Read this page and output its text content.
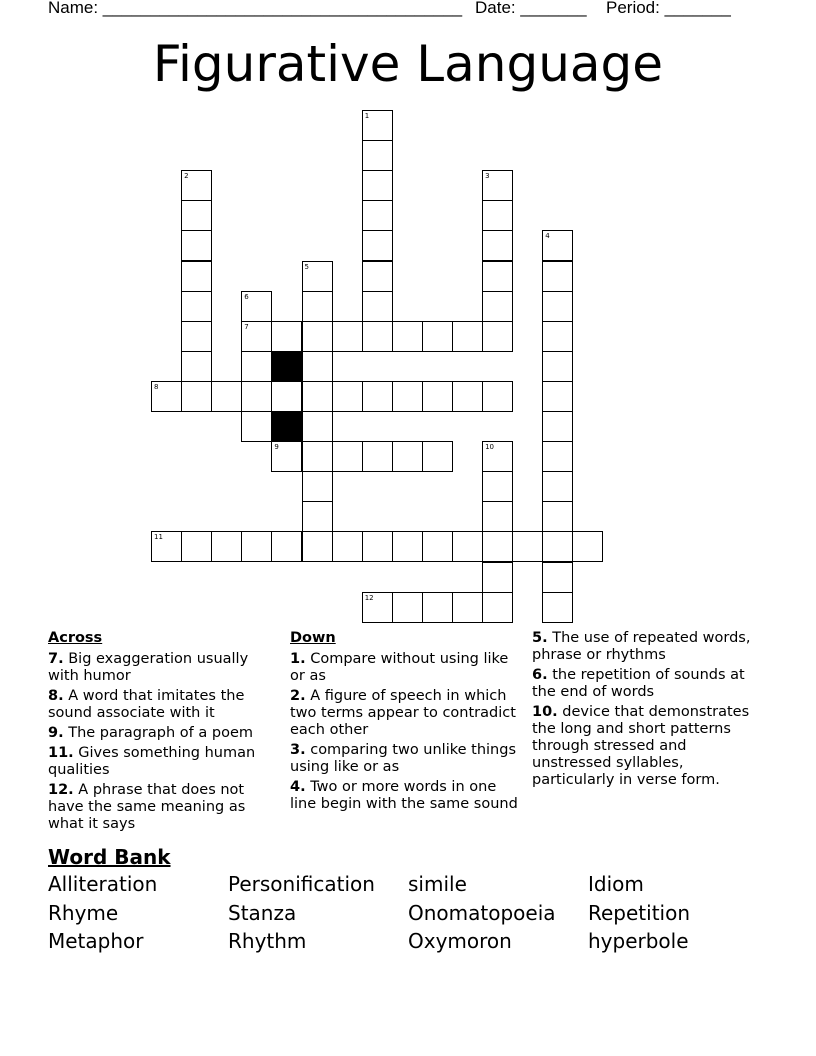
Name: ______________________________________ Date: _______ Period: _______
Figurative Language
1
2	3
4
5
6
7
8
9	10
11
12
Across
7. Big exaggeration usually with humor
8. A word that imitates the sound associate with it
9. The paragraph of a poem
11. Gives something human qualities
12. A phrase that does not have the same meaning as what it says
Down
1. Compare without using like or as
2. A figure of speech in which two terms appear to contradict each other
3. comparing two unlike things using like or as
4. Two or more words in one line begin with the same sound
5. The use of repeated words, phrase or rhythms
6. the repetition of sounds at the end of words
10. device that demonstrates the long and short patterns through stressed and unstressed syllables, particularly in verse form.
Word Bank
Alliteration	Personification	simile	Idiom
Rhyme	Stanza	Onomatopoeia	Repetition
Metaphor	Rhythm	Oxymoron	hyperbole
